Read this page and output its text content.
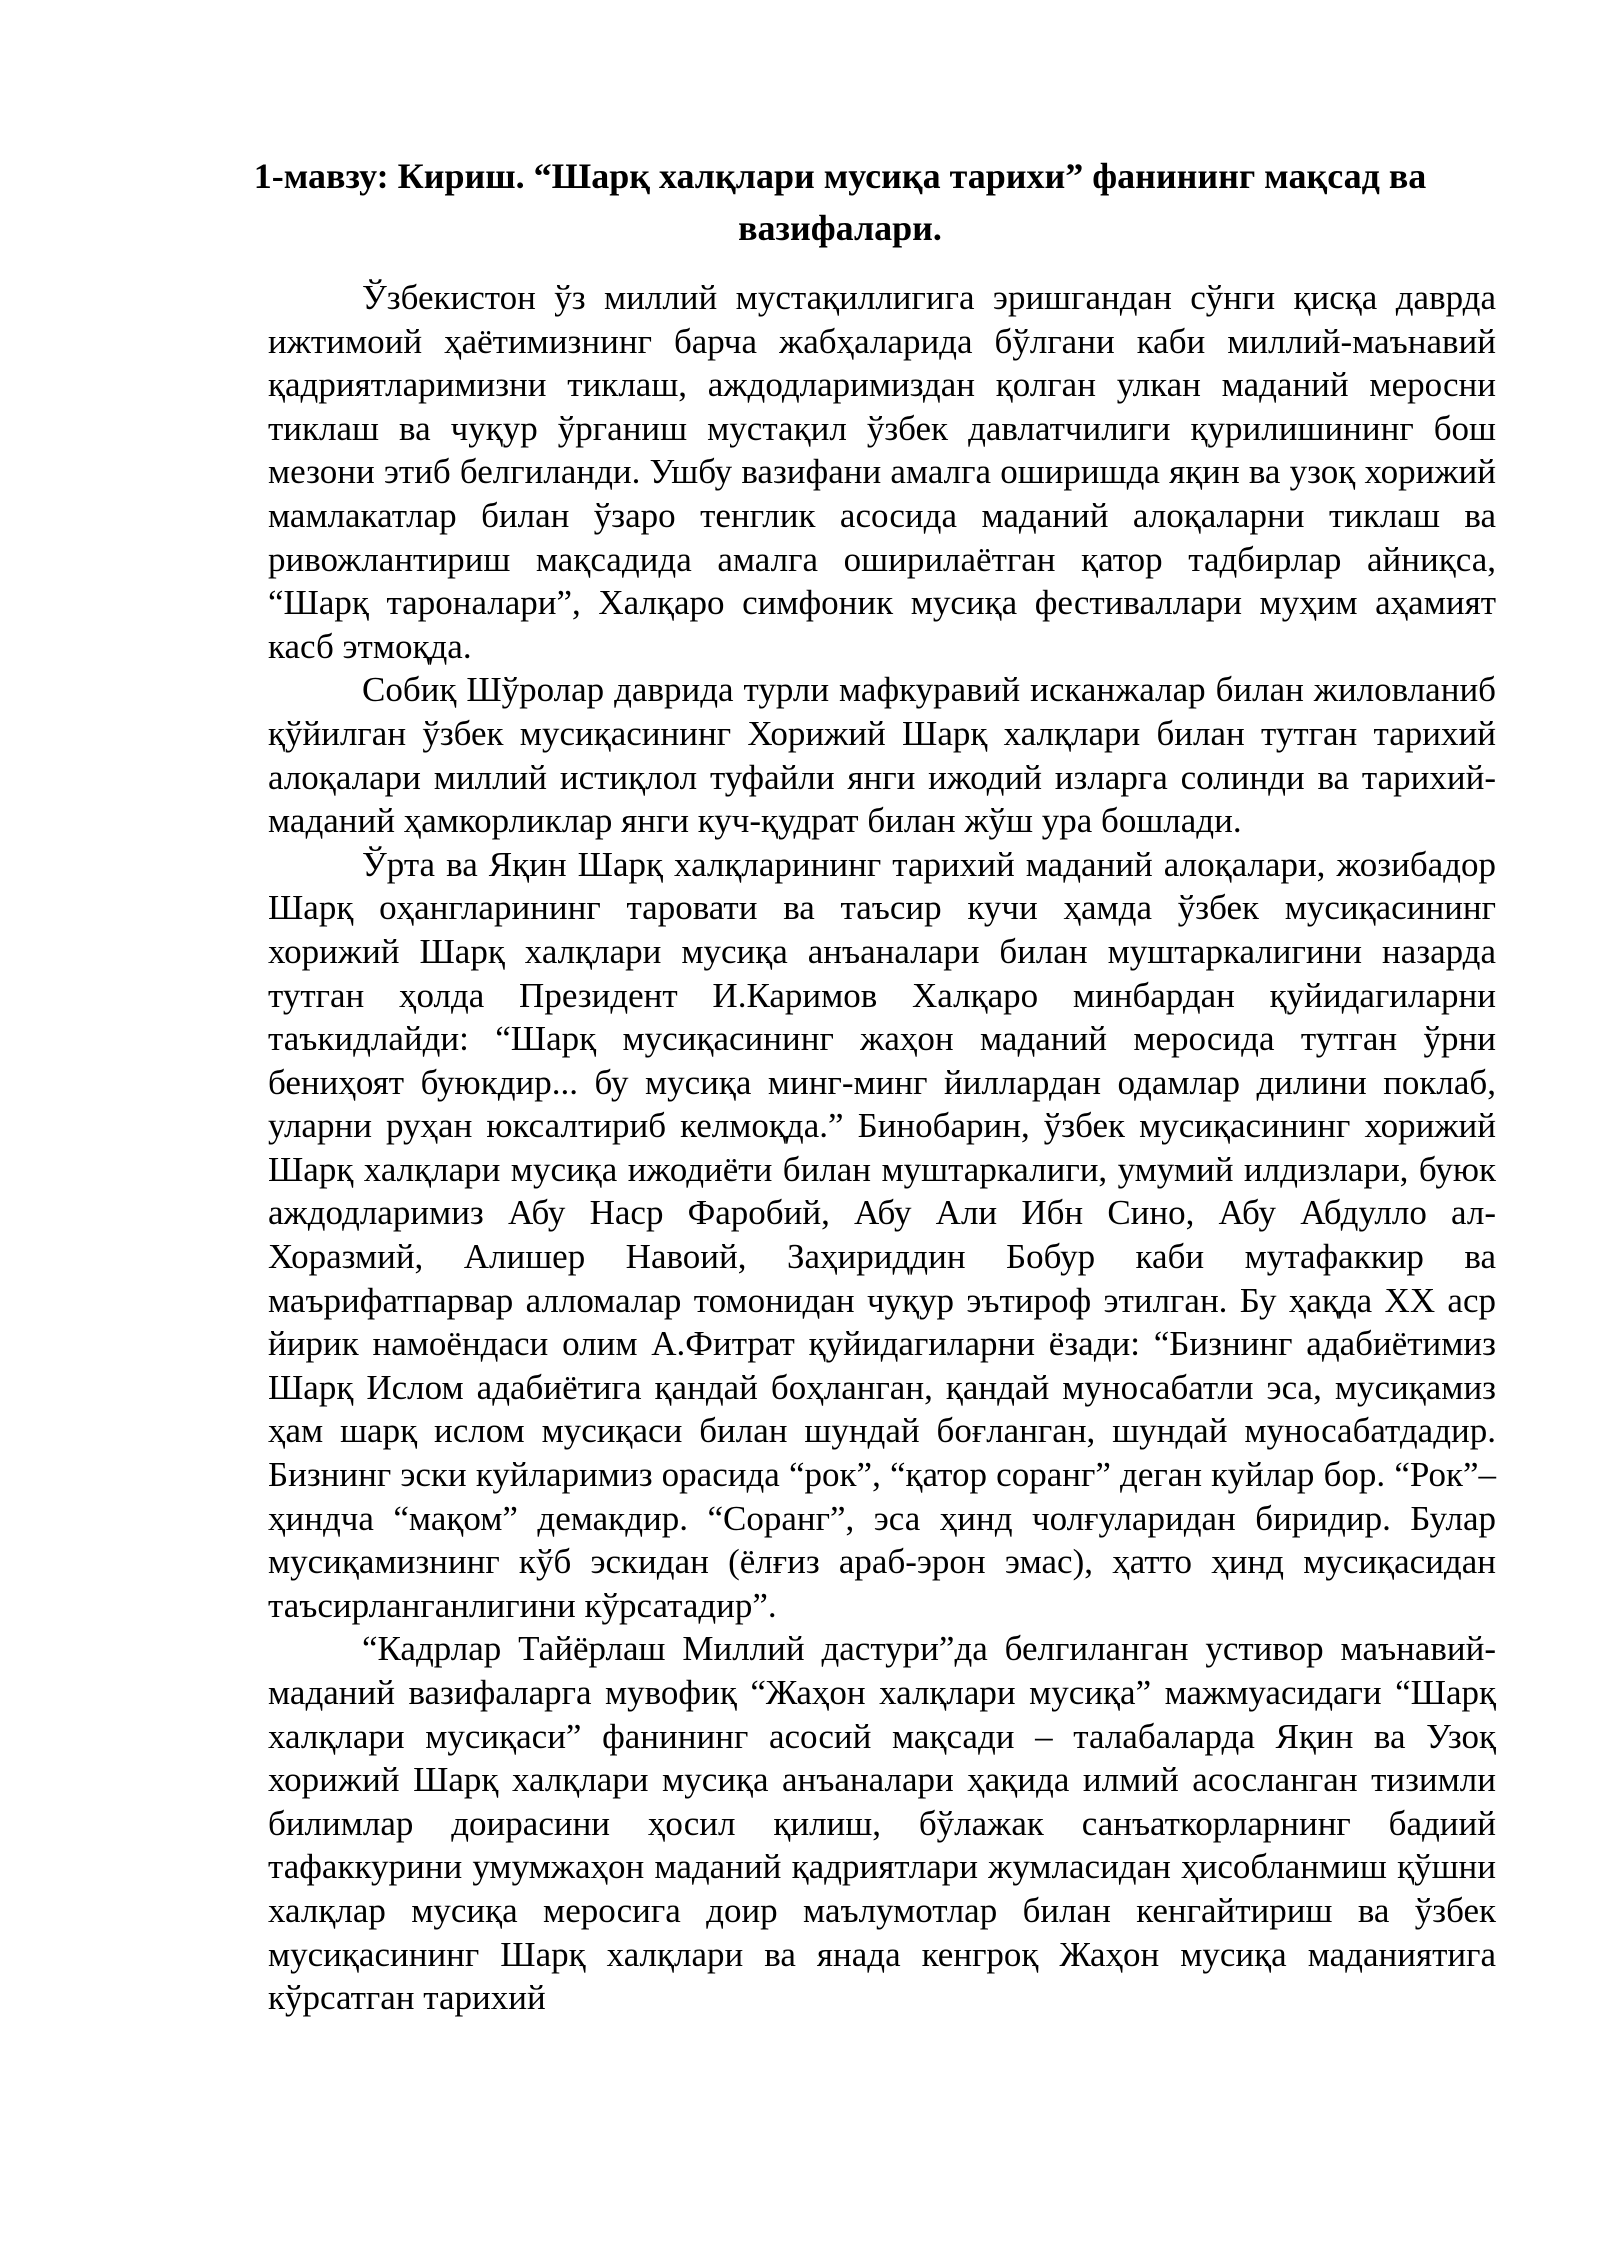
1-мавзу: Кириш. “Шарқ халқлари мусиқа тарихи” фанининг мақсад ва вазифалари.

Ўзбекистон ўз миллий мустақиллигига эришгандан сўнги қисқа даврда ижтимоий ҳаётимизнинг барча жабҳаларида бўлгани каби миллий-маънавий қадриятларимизни тиклаш, аждодларимиздан қолган улкан маданий меросни тиклаш ва чуқур ўрганиш мустақил ўзбек давлатчилиги қурилишининг бош мезони этиб белгиланди. Ушбу вазифани амалга оширишда яқин ва узоқ хорижий мамлакатлар билан ўзаро тенглик асосида маданий алоқаларни тиклаш ва ривожлантириш мақсадида амалга оширилаётган қатор тадбирлар айниқса, “Шарқ тароналари”, Халқаро симфоник мусиқа фестиваллари муҳим аҳамият касб этмоқда.

Собиқ Шўролар даврида турли мафкуравий исканжалар билан жиловланиб қўйилган ўзбек мусиқасининг Хорижий Шарқ халқлари билан тутган тарихий алоқалари миллий истиқлол туфайли янги ижодий изларга солинди ва тарихий-маданий ҳамкорликлар янги куч-қудрат билан жўш ура бошлади.

Ўрта ва Яқин Шарқ халқларининг тарихий маданий алоқалари, жозибадор Шарқ оҳангларининг таровати ва таъсир кучи ҳамда ўзбек мусиқасининг хорижий Шарқ халқлари мусиқа анъаналари билан муштаркалигини назарда тутган ҳолда Президент И.Каримов Халқаро минбардан қуйидагиларни таъкидлайди: “Шарқ мусиқасининг жаҳон маданий меросида тутган ўрни бениҳоят буюкдир... бу мусиқа минг-минг йиллардан одамлар дилини поклаб, уларни руҳан юксалтириб келмоқда.” Бинобарин, ўзбек мусиқасининг хорижий Шарқ халқлари мусиқа ижодиёти билан муштаркалиги, умумий илдизлари, буюк аждодларимиз Абу Наср Фаробий, Абу Али Ибн Сино, Абу Абдулло ал-Хоразмий, Алишер Навоий, Заҳириддин Бобур каби мутафаккир ва маърифатпарвар алломалар томонидан чуқур эътироф этилган. Бу ҳақда XX аср йирик намоёндаси олим А.Фитрат қуйидагиларни ёзади: “Бизнинг адабиётимиз Шарқ Ислом адабиётига қандай боҳланган, қандай муносабатли эса, мусиқамиз ҳам шарқ ислом мусиқаси билан шундай боғланган, шундай муносабатдадир. Бизнинг эски куйларимиз орасида “рок”, “қатор соранг” деган куйлар бор. “Рок”– ҳиндча “мақом” демакдир. “Соранг”, эса ҳинд чолғуларидан биридир. Булар мусиқамизнинг кўб эскидан (ёлғиз араб-эрон эмас), ҳатто ҳинд мусиқасидан таъсирланганлигини кўрсатадир”.

“Кадрлар Тайёрлаш Миллий дастури”да белгиланган устивор маънавий-маданий вазифаларга мувофиқ “Жаҳон халқлари мусиқа” мажмуасидаги “Шарқ халқлари мусиқаси” фанининг асосий мақсади – талабаларда Яқин ва Узоқ хорижий Шарқ халқлари мусиқа анъаналари ҳақида илмий асосланган тизимли билимлар доирасини ҳосил қилиш, бўлажак санъаткорларнинг бадиий тафаккурини умумжаҳон маданий қадриятлари жумласидан ҳисобланмиш қўшни халқлар мусиқа меросига доир маълумотлар билан кенгайтириш ва ўзбек мусиқасининг Шарқ халқлари ва янада кенгроқ Жаҳон мусиқа маданиятига кўрсатган тарихий
